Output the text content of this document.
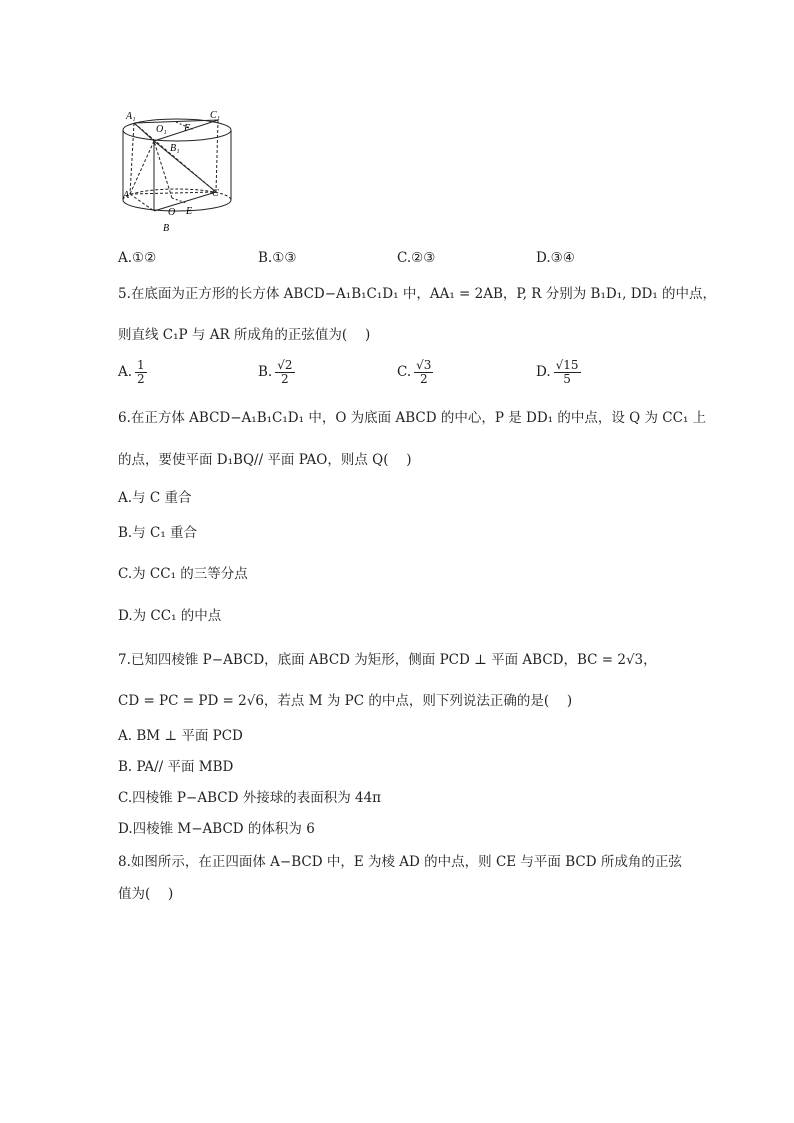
A₁	C₁
O₁ F
B₁
A	C
O E
B
A.①②	B.①③	C.②③	D.③④
5.在底面为正方形的长方体 ABCD−A₁B₁C₁D₁ 中，AA₁ = 2AB，P, R 分别为 B₁D₁, DD₁ 的中点，
则直线 C₁P 与 AR 所成角的正弦值为(　 )
A. $\frac{1}{2}$	B. $\frac{√2}{2}$	C. $\frac{√3}{2}$	D. $\frac{√15}{5}$
6.在正方体 ABCD−A₁B₁C₁D₁ 中，O 为底面 ABCD 的中心，P 是 DD₁ 的中点，设 Q 为 CC₁ 上
的点，要使平面 D₁BQ// 平面 PAO，则点 Q(　 )
A.与 C 重合
B.与 C₁ 重合
C.为 CC₁ 的三等分点
D.为 CC₁ 的中点
7.已知四棱锥 P−ABCD，底面 ABCD 为矩形，侧面 PCD ⊥ 平面 ABCD，BC = 2√3，
CD = PC = PD = 2√6，若点 M 为 PC 的中点，则下列说法正确的是(　 )
A. BM ⊥ 平面 PCD
B. PA// 平面 MBD
C.四棱锥 P−ABCD 外接球的表面积为 44π
D.四棱锥 M−ABCD 的体积为 6
8.如图所示，在正四面体 A−BCD 中，E 为棱 AD 的中点，则 CE 与平面 BCD 所成角的正弦
值为(　 )
